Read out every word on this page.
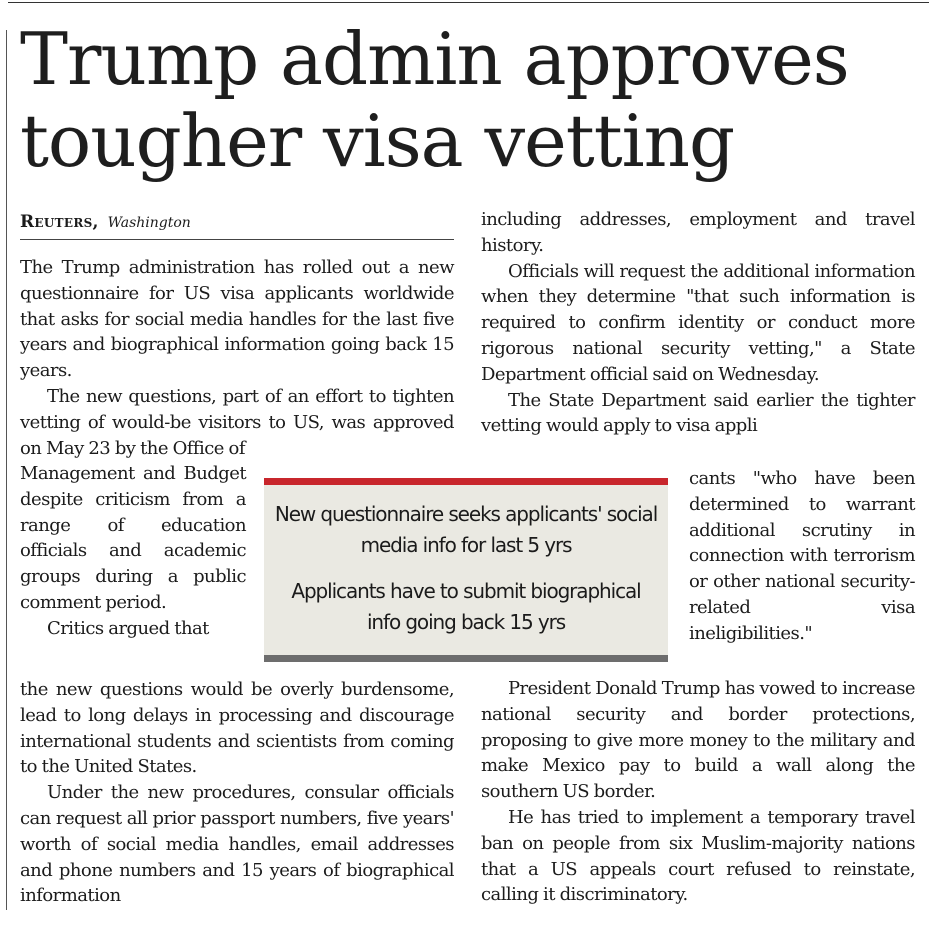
Trump admin approves tougher visa vetting
Reuters, Washington

The Trump administration has rolled out a new questionnaire for US visa applicants worldwide that asks for social media handles for the last five years and biographical information going back 15 years.

The new questions, part of an effort to tighten vetting of would-be visitors to US, was approved on May 23 by the Office of

Management and Budget despite criticism from a range of education officials and academic groups during a public comment period.

Critics argued that

the new questions would be overly burdensome, lead to long delays in processing and discourage international students and scientists from coming to the United States.

Under the new procedures, consular officials can request all prior passport numbers, five years' worth of social media handles, email addresses and phone numbers and 15 years of biographical information

including addresses, employment and travel history.

Officials will request the additional information when they determine "that such information is required to confirm identity or conduct more rigorous national security vetting," a State Department official said on Wednesday.

The State Department said earlier the tighter vetting would apply to visa appli

cants "who have been determined to warrant additional scrutiny in connection with terrorism or other national security-related visa ineligibilities."

President Donald Trump has vowed to increase national security and border protections, proposing to give more money to the military and make Mexico pay to build a wall along the southern US border.

He has tried to implement a temporary travel ban on people from six Muslim-majority nations that a US appeals court refused to reinstate, calling it discriminatory.

New questionnaire seeks applicants' social media info for last 5 yrs

Applicants have to submit biographical info going back 15 yrs
